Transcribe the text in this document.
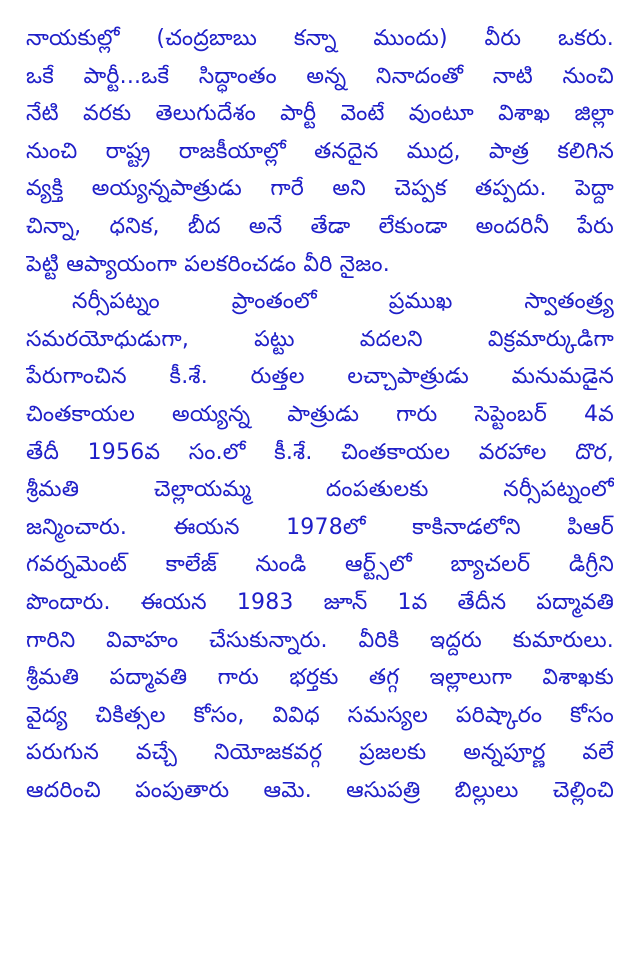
నాయకుల్లో (చంద్రబాబు కన్నా ముందు) వీరు ఒకరు.
ఒకే పార్టీ...ఒకే సిద్ధాంతం అన్న నినాదంతో నాటి నుంచి
నేటి వరకు తెలుగుదేశం పార్టీ వెంటే వుంటూ విశాఖ జిల్లా
నుంచి రాష్ట్ర రాజకీయాల్లో తనదైన ముద్ర, పాత్ర కలిగిన
వ్యక్తి అయ్యన్నపాత్రుడు గారే అని చెప్పక తప్పదు. పెద్దా
చిన్నా, ధనిక, బీద అనే తేడా లేకుండా అందరినీ పేరు
పెట్టి ఆప్యాయంగా పలకరించడం వీరి నైజం.
నర్సీపట్నం ప్రాంతంలో ప్రముఖ స్వాతంత్ర్య
సమరయోధుడుగా, పట్టు వదలని విక్రమార్కుడిగా
పేరుగాంచిన కీ.శే. రుత్తల లచ్చాపాత్రుడు మనుమడైన
చింతకాయల అయ్యన్న పాత్రుడు గారు సెప్టెంబర్ 4వ
తేదీ 1956వ సం.లో కీ.శే. చింతకాయల వరహాల దొర,
శ్రీమతి చెల్లాయమ్మ దంపతులకు నర్సీపట్నంలో
జన్మించారు. ఈయన 1978లో కాకినాడలోని పిఆర్
గవర్నమెంట్ కాలేజ్ నుండి ఆర్ట్స్‌లో బ్యాచలర్ డిగ్రీని
పొందారు. ఈయన 1983 జూన్ 1వ తేదీన పద్మావతి
గారిని వివాహం చేసుకున్నారు. వీరికి ఇద్దరు కుమారులు.
శ్రీమతి పద్మావతి గారు భర్తకు తగ్గ ఇల్లాలుగా విశాఖకు
వైద్య చికిత్సల కోసం, వివిధ సమస్యల పరిష్కారం కోసం
పరుగున వచ్చే నియోజకవర్గ ప్రజలకు అన్నపూర్ణ వలే
ఆదరించి పంపుతారు ఆమె. ఆసుపత్రి బిల్లులు చెల్లించి
